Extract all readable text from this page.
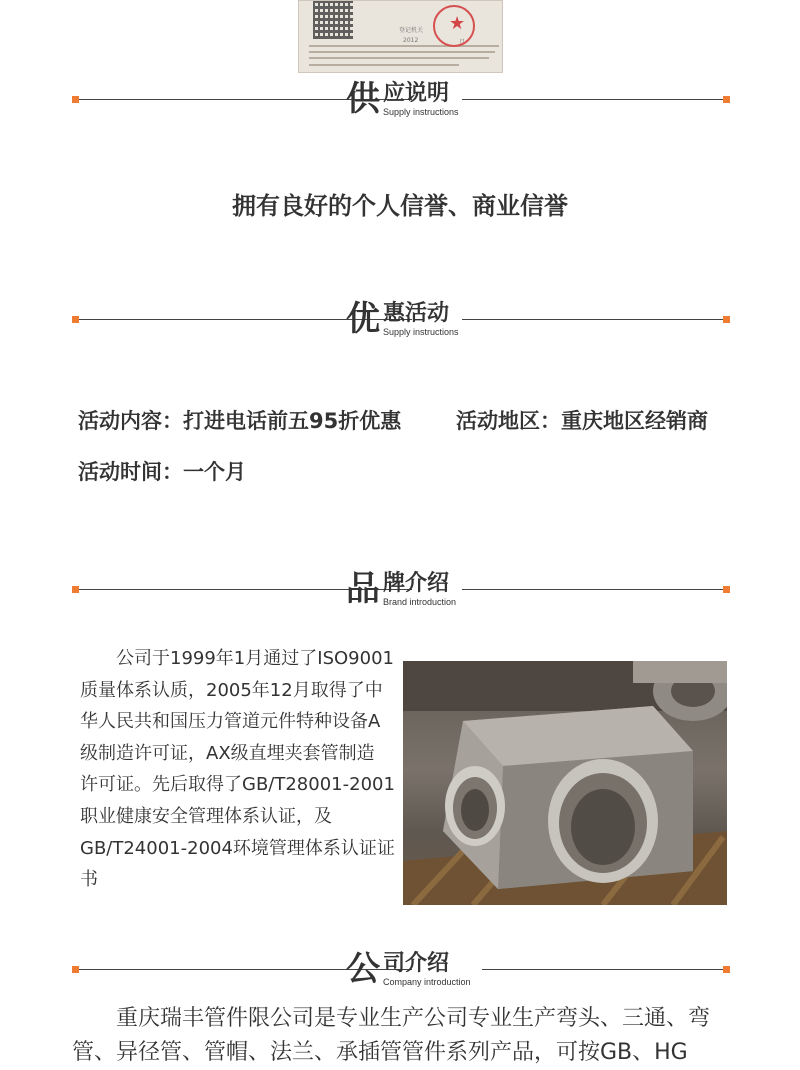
登记机关
2012	月
★
供 应说明
Supply instructions
拥有良好的个人信誉、商业信誉
优 惠活动
Supply instructions
活动内容：打进电话前五95折优惠	活动地区：重庆地区经销商
活动时间：一个月
品 牌介绍
Brand introduction
公司于1999年1月通过了ISO9001
质量体系认质，2005年12月取得了中
华人民共和国压力管道元件特种设备A
级制造许可证，AX级直埋夹套管制造
许可证。先后取得了GB/T28001-2001
职业健康安全管理体系认证，及
GB/T24001-2004环境管理体系认证证
书
公 司介绍
Company introduction
重庆瑞丰管件限公司是专业生产公司专业生产弯头、三通、弯
管、异径管、管帽、法兰、承插管管件系列产品，可按GB、HG
